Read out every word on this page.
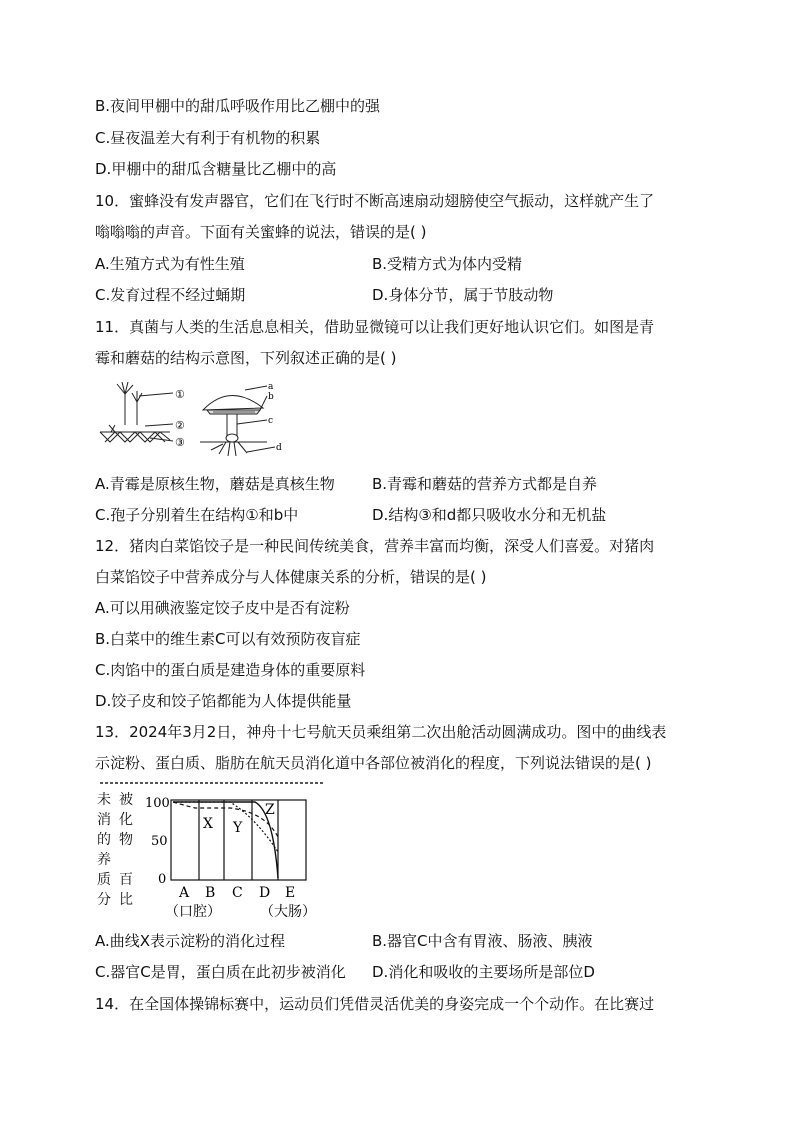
B.夜间甲棚中的甜瓜呼吸作用比乙棚中的强
C.昼夜温差大有利于有机物的积累
D.甲棚中的甜瓜含糖量比乙棚中的高
10．蜜蜂没有发声器官，它们在飞行时不断高速扇动翅膀使空气振动，这样就产生了
嗡嗡嗡的声音。下面有关蜜蜂的说法，错误的是( )
A.生殖方式为有性生殖	B.受精方式为体内受精
C.发育过程不经过蛹期	D.身体分节，属于节肢动物
11．真菌与人类的生活息息相关，借助显微镜可以让我们更好地认识它们。如图是青
霉和蘑菇的结构示意图，下列叙述正确的是( )
①
②
③
a
b
c
d
A.青霉是原核生物，蘑菇是真核生物 B.青霉和蘑菇的营养方式都是自养
C.孢子分别着生在结构①和b中	D.结构③和d都只吸收水分和无机盐
12．猪肉白菜馅饺子是一种民间传统美食，营养丰富而均衡，深受人们喜爱。对猪肉
白菜馅饺子中营养成分与人体健康关系的分析，错误的是( )
A.可以用碘液鉴定饺子皮中是否有淀粉
B.白菜中的维生素C可以有效预防夜盲症
C.肉馅中的蛋白质是建造身体的重要原料
D.饺子皮和饺子馅都能为人体提供能量
13．2024年3月2日，神舟十七号航天员乘组第二次出舱活动圆满成功。图中的曲线表
示淀粉、蛋白质、脂肪在航天员消化道中各部位被消化的程度，下列说法错误的是( )
未
消
养
质
分
被
化
的 物
百
比
100
50
0
X Y
Z
A B C D E
（口腔）	（大肠）
A.曲线X表示淀粉的消化过程	B.器官C中含有胃液、肠液、胰液
C.器官C是胃，蛋白质在此初步被消化 D.消化和吸收的主要场所是部位D
14．在全国体操锦标赛中，运动员们凭借灵活优美的身姿完成一个个动作。在比赛过
